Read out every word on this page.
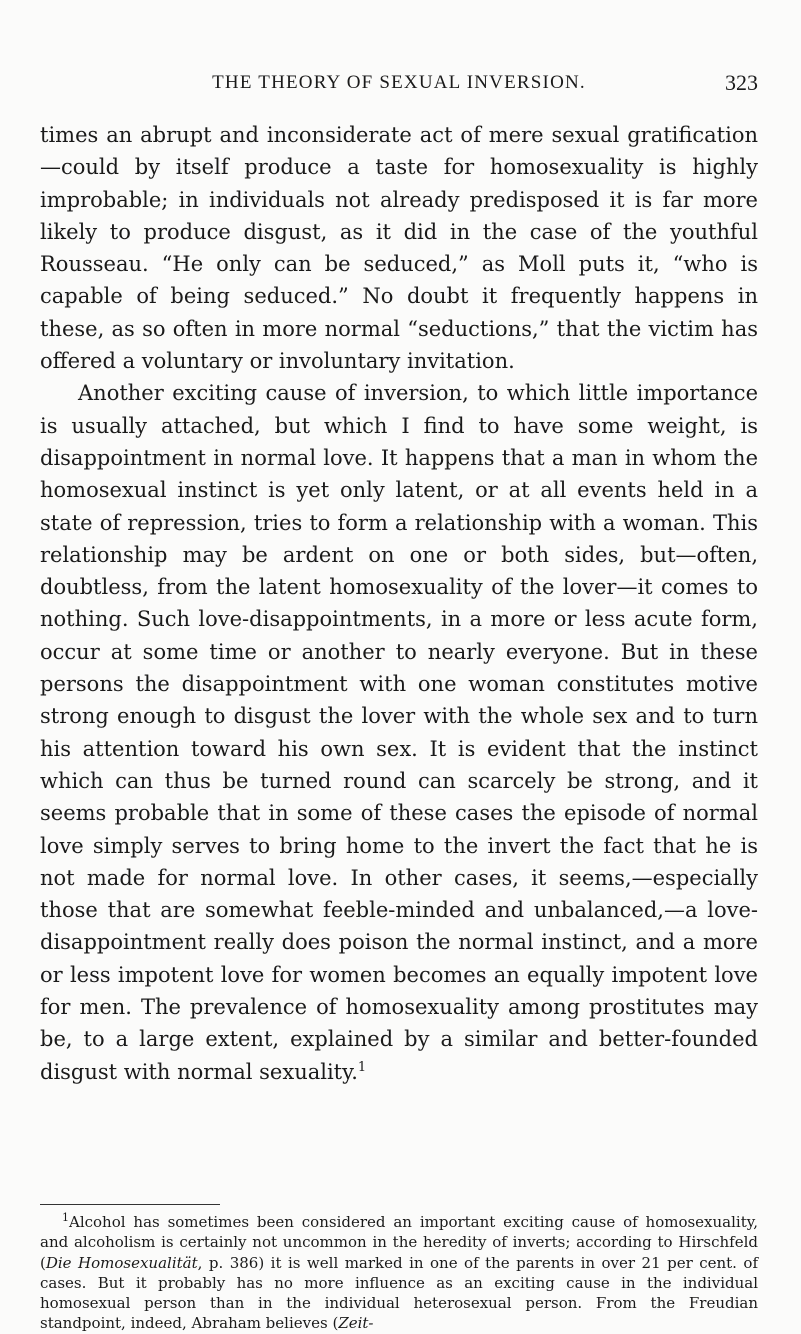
THE THEORY OF SEXUAL INVERSION.	323

times an abrupt and inconsiderate act of mere sexual gratification—could by itself produce a taste for homosexuality is highly improbable; in individuals not already predisposed it is far more likely to produce disgust, as it did in the case of the youthful Rousseau. “He only can be seduced,” as Moll puts it, “who is capable of being seduced.” No doubt it frequently happens in these, as so often in more normal “seductions,” that the victim has offered a voluntary or involuntary invitation.

Another exciting cause of inversion, to which little importance is usually attached, but which I find to have some weight, is disappointment in normal love. It happens that a man in whom the homosexual instinct is yet only latent, or at all events held in a state of repression, tries to form a relationship with a woman. This relationship may be ardent on one or both sides, but—often, doubtless, from the latent homosexuality of the lover—it comes to nothing. Such love-disappointments, in a more or less acute form, occur at some time or another to nearly everyone. But in these persons the disappointment with one woman constitutes motive strong enough to disgust the lover with the whole sex and to turn his attention toward his own sex. It is evident that the instinct which can thus be turned round can scarcely be strong, and it seems probable that in some of these cases the episode of normal love simply serves to bring home to the invert the fact that he is not made for normal love. In other cases, it seems,—especially those that are somewhat feeble-minded and unbalanced,—a love-disappointment really does poison the normal instinct, and a more or less impotent love for women becomes an equally impotent love for men. The prevalence of homosexuality among prostitutes may be, to a large extent, explained by a similar and better-founded disgust with normal sexuality.$^1$

$^1$Alcohol has sometimes been considered an important exciting cause of homosexuality, and alcoholism is certainly not uncommon in the heredity of inverts; according to Hirschfeld (Die Homosexualität, p. 386) it is well marked in one of the parents in over 21 per cent. of cases. But it probably has no more influence as an exciting cause in the individual homosexual person than in the individual heterosexual person. From the Freudian standpoint, indeed, Abraham believes (Zeit-
